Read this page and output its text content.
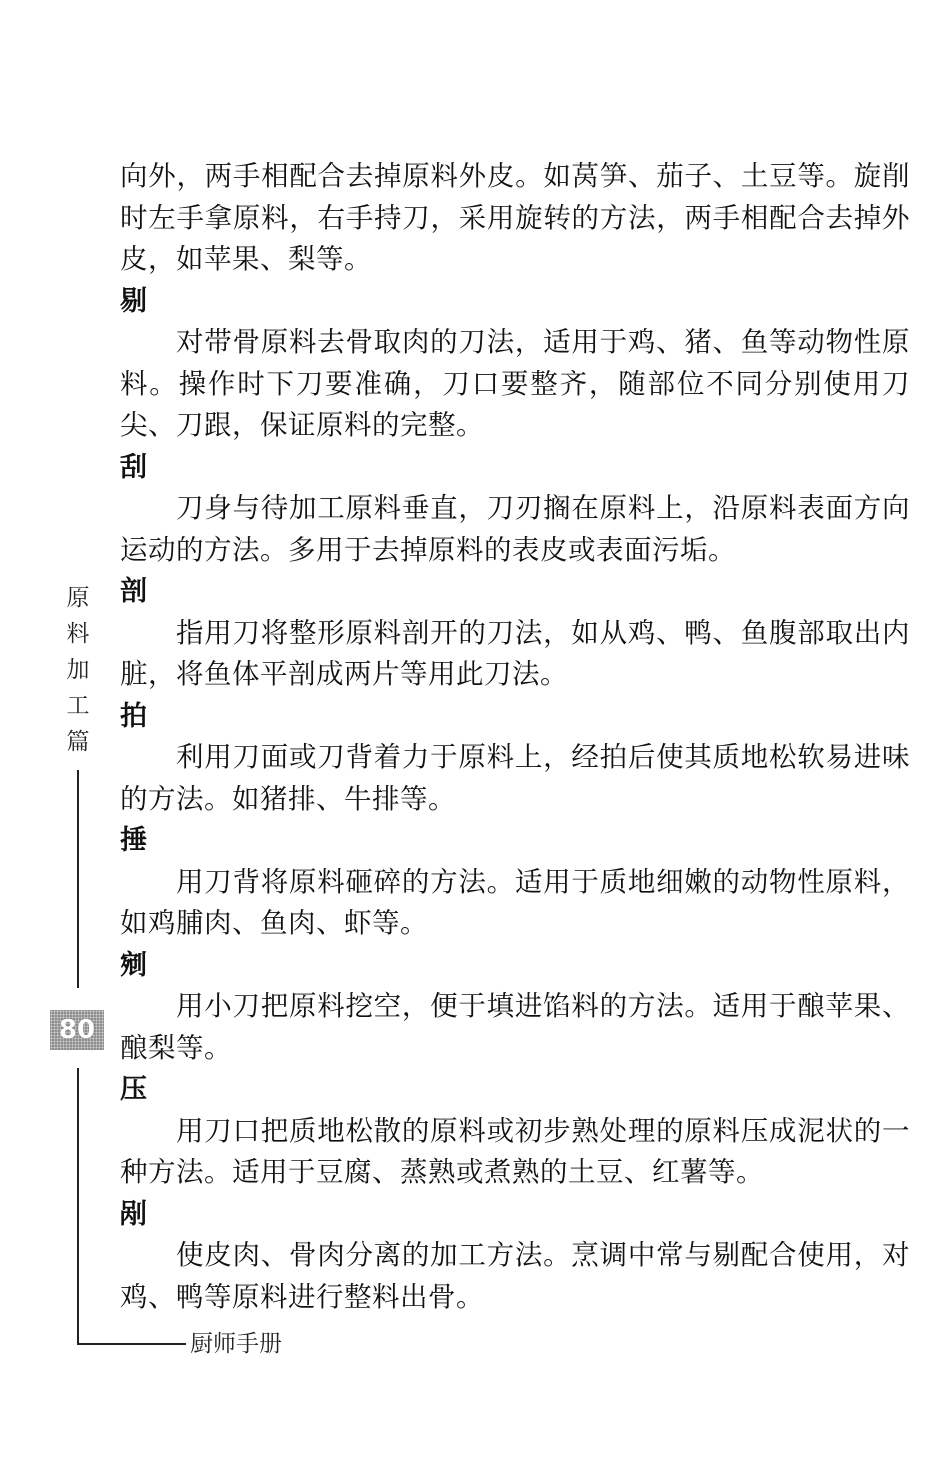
向外，两手相配合去掉原料外皮。如莴笋、茄子、土豆等。旋削时左手拿原料，右手持刀，采用旋转的方法，两手相配合去掉外皮，如苹果、梨等。

剔

对带骨原料去骨取肉的刀法，适用于鸡、猪、鱼等动物性原料。操作时下刀要准确，刀口要整齐，随部位不同分别使用刀尖、刀跟，保证原料的完整。

刮

刀身与待加工原料垂直，刀刃搁在原料上，沿原料表面方向运动的方法。多用于去掉原料的表皮或表面污垢。

剖

指用刀将整形原料剖开的刀法，如从鸡、鸭、鱼腹部取出内脏，将鱼体平剖成两片等用此刀法。

拍

利用刀面或刀背着力于原料上，经拍后使其质地松软易进味的方法。如猪排、牛排等。

捶

用刀背将原料砸碎的方法。适用于质地细嫩的动物性原料，如鸡脯肉、鱼肉、虾等。

剜

用小刀把原料挖空，便于填进馅料的方法。适用于酿苹果、酿梨等。

压

用刀口把质地松散的原料或初步熟处理的原料压成泥状的一种方法。适用于豆腐、蒸熟或煮熟的土豆、红薯等。

剐

使皮肉、骨肉分离的加工方法。烹调中常与剔配合使用，对鸡、鸭等原料进行整料出骨。

原
料
加
工
篇
80
厨师手册
